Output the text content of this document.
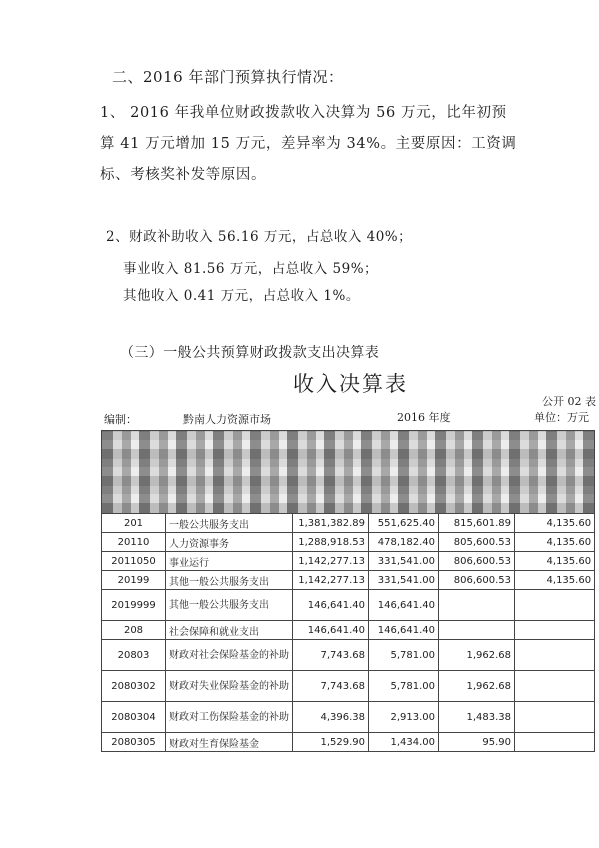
二、2016 年部门预算执行情况：
1、 2016 年我单位财政拨款收入决算为 56 万元，比年初预
算 41 万元增加 15 万元，差异率为 34%。主要原因：工资调
标、考核奖补发等原因。
2、财政补助收入 56.16 万元，占总收入 40%；
事业收入 81.56 万元，占总收入 59%；
其他收入 0.41 万元，占总收入 1%。
（三）一般公共预算财政拨款支出决算表
收入决算表
公开 02 表
编制：	黔南人力资源市场	2016 年度	单位：万元

201	一般公共服务支出	1,381,382.89	551,625.40	815,601.89	4,135.60
20110	人力资源事务	1,288,918.53	478,182.40	805,600.53	4,135.60
2011050	事业运行	1,142,277.13	331,541.00	806,600.53	4,135.60
20199	其他一般公共服务支出	1,142,277.13	331,541.00	806,600.53	4,135.60
2019999	其他一般公共服务支出	146,641.40	146,641.40		
208	社会保障和就业支出	146,641.40	146,641.40		
20803	财政对社会保险基金的补助	7,743.68	5,781.00	1,962.68	
2080302	财政对失业保险基金的补助	7,743.68	5,781.00	1,962.68	
2080304	财政对工伤保险基金的补助	4,396.38	2,913.00	1,483.38	
2080305	财政对生育保险基金	1,529.90	1,434.00	95.90	
